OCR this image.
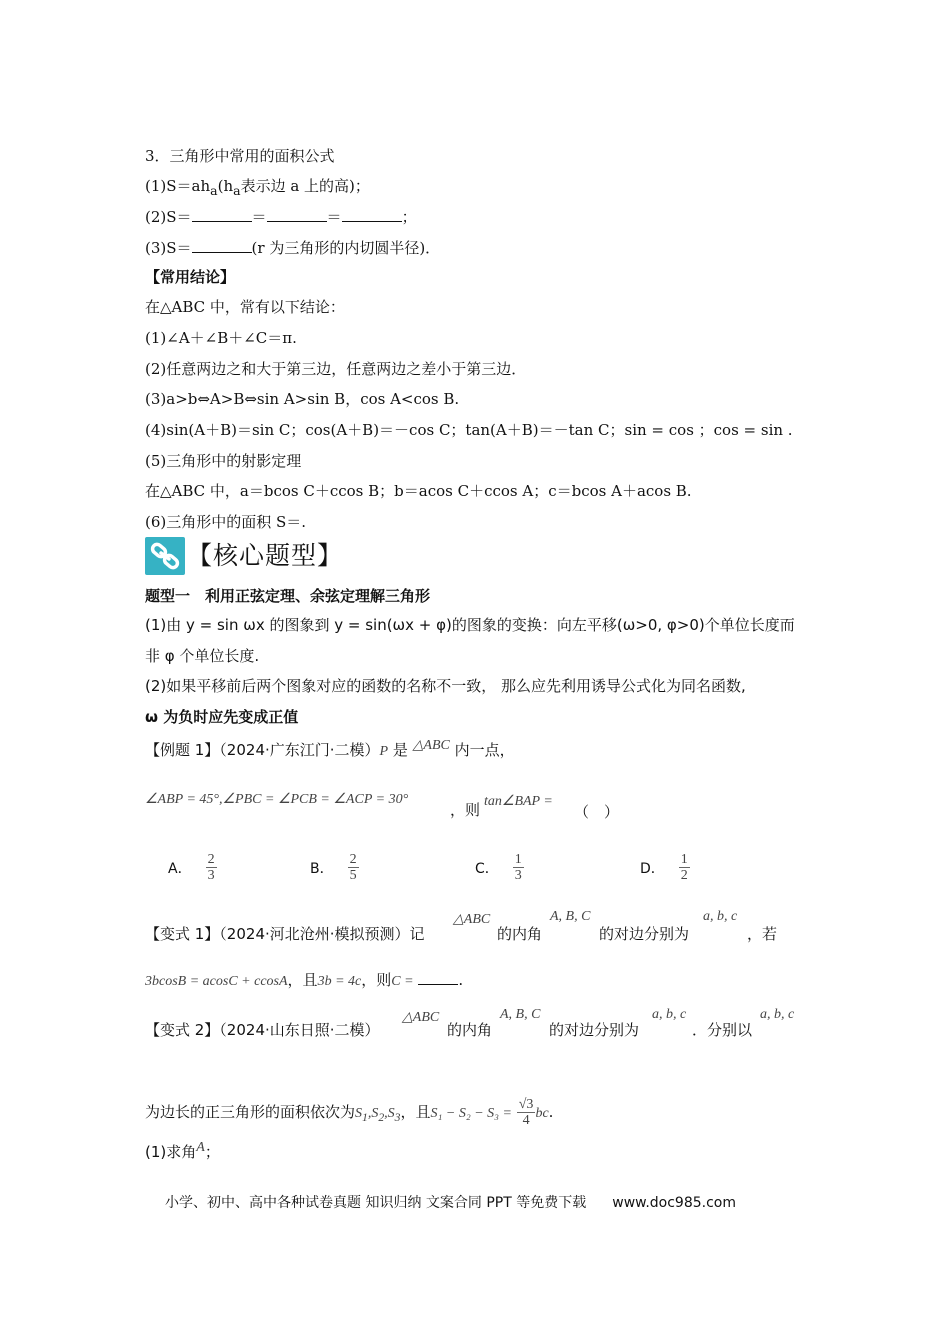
3．三角形中常用的面积公式
$(1)S=ah_a(h_a$表示边 a 上的高)；
(2)S＝	＝	＝	；
(3)S＝	(r 为三角形的内切圆半径)．
【常用结论】
在△ABC 中，常有以下结论：
(1)∠A＋∠B＋∠C＝π.
(2)任意两边之和大于第三边，任意两边之差小于第三边．
(3)a>b⇔A>B⇔sin A>sin B，cos A<cos B.
(4)sin(A＋B)＝sin C；cos(A＋B)＝－cos C；tan(A＋B)＝－tan C；sin = cos ；cos = sin .
(5)三角形中的射影定理
在△ABC 中，a＝bcos C＋ccos B；b＝acos C＋ccos A；c＝bcos A＋acos B.
(6)三角形中的面积 S＝.
【核心题型】
题型一　利用正弦定理、余弦定理解三角形
(1)由 y = sin ωx 的图象到 y = sin(ωx + φ)的图象的变换：向左平移(ω>0, φ>0)个单位长度而
非 φ 个单位长度.
(2)如果平移前后两个图象对应的函数的名称不一致， 那么应先利用诱导公式化为同名函数,
ω 为负时应先变成正值
【例题 1】（2024·广东江门·二模）P 是 △ABC 内一点，
∠ABP = 45°,∠PBC = ∠PCB = ∠ACP = 30°
，则 tan∠BAP =
（　）
A． $\frac{2}{3}$	B． $\frac{2}{5}$	C． $\frac{1}{3}$	D． $\frac{1}{2}$
【变式 1】（2024·河北沧州·模拟预测）记
△ABC
的内角
A, B, C
的对边分别为
a, b, c
，若
3bcosB = acosC + ccosA，且3b = 4c，则C =	.
【变式 2】（2024·山东日照·二模）
△ABC
的内角
A, B, C
的对边分别为
a, b, c
．分别以
a, b, c
为边长的正三角形的面积依次为$S_1,S_2,S_3$，且$S_1 - S_2 - S_3 = \frac{√3}{4}$ bc.
(1)求角A；
小学、初中、高中各种试卷真题 知识归纳 文案合同 PPT 等免费下载 www.doc985.com
